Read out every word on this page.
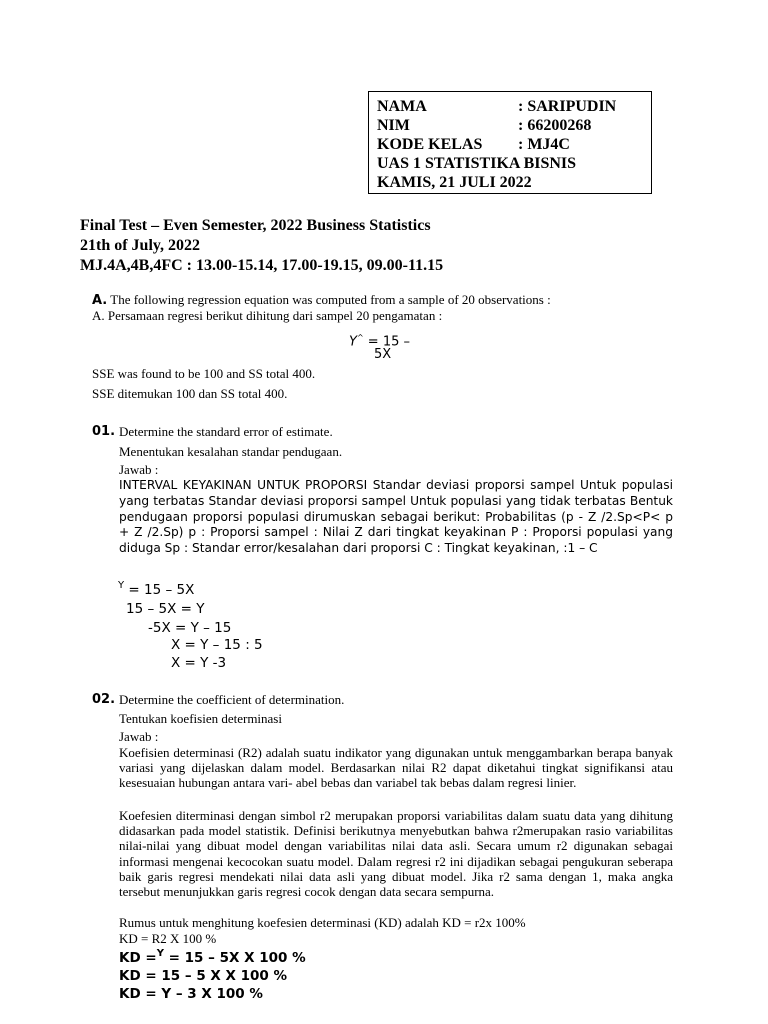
NAMA	: SARIPUDIN
NIM	: 66200268
KODE KELAS : MJ4C
UAS 1 STATISTIKA BISNIS
KAMIS, 21 JULI 2022
Final Test – Even Semester, 2022 Business Statistics
21th of July, 2022
MJ.4A,4B,4FC : 13.00-15.14, 17.00-19.15, 09.00-11.15
A. The following regression equation was computed from a sample of 20 observations :
A. Persamaan regresi berikut dihitung dari sampel 20 pengamatan :
Y^ = 15 –
5X
SSE was found to be 100 and SS total 400.
SSE ditemukan 100 dan SS total 400.
01. Determine the standard error of estimate.
Menentukan kesalahan standar pendugaan.
Jawab :
INTERVAL KEYAKINAN UNTUK PROPORSI Standar deviasi proporsi sampel Untuk populasi yang terbatas Standar deviasi proporsi sampel Untuk populasi yang tidak terbatas Bentuk pendugaan proporsi populasi dirumuskan sebagai berikut: Probabilitas (p - Z /2.Sp<P< p + Z /2.Sp) p : Proporsi sampel : Nilai Z dari tingkat keyakinan P : Proporsi populasi yang diduga Sp : Standar error/kesalahan dari proporsi C : Tingkat keyakinan, :1 – C
$^Y$ = 15 – 5X
15 – 5X = Y
-5X = Y – 15
X = Y – 15 : 5
X = Y -3
02. Determine the coefficient of determination.
Tentukan koefisien determinasi
Jawab :
Koefisien determinasi (R2) adalah suatu indikator yang digunakan untuk menggambarkan berapa banyak variasi yang dijelaskan dalam model. Berdasarkan nilai R2 dapat diketahui tingkat signifikansi atau kesesuaian hubungan antara vari- abel bebas dan variabel tak bebas dalam regresi linier.
Koefesien diterminasi dengan simbol r2 merupakan proporsi variabilitas dalam suatu data yang dihitung didasarkan pada model statistik. Definisi berikutnya menyebutkan bahwa r2merupakan rasio variabilitas nilai-nilai yang dibuat model dengan variabilitas nilai data asli. Secara umum r2 digunakan sebagai informasi mengenai kecocokan suatu model. Dalam regresi r2 ini dijadikan sebagai pengukuran seberapa baik garis regresi mendekati nilai data asli yang dibuat model. Jika r2 sama dengan 1, maka angka tersebut menunjukkan garis regresi cocok dengan data secara sempurna.
Rumus untuk menghitung koefesien determinasi (KD) adalah KD = r2x 100%
KD = R2 X 100 %
KD =$^Y$ = 15 – 5X X 100 %
KD = 15 – 5 X X 100 %
KD = Y – 3 X 100 %
